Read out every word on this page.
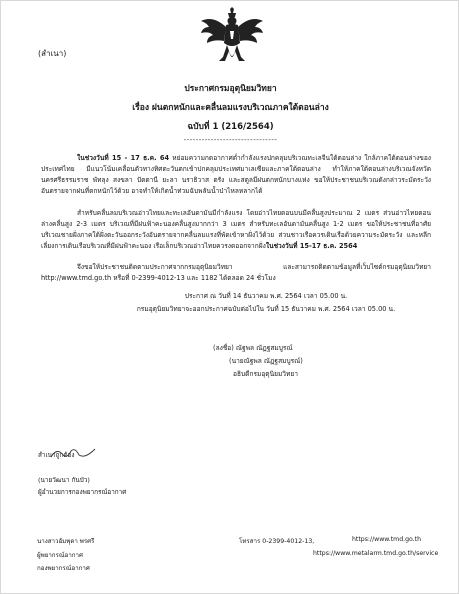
(สำเนา)
ประกาศกรมอุตุนิยมวิทยา
เรื่อง ฝนตกหนักและคลื่นลมแรงบริเวณภาคใต้ตอนล่าง
ฉบับที่ 1 (216/2564)
-------------------------------
ในช่วงวันที่ 15 - 17 ธ.ค. 64 หย่อมความกดอากาศต่ำกำลังแรงปกคลุมบริเวณทะเลจีนใต้ตอนล่าง ใกล้ภาคใต้ตอนล่างของประเทศไทย มีแนวโน้มเคลื่อนตัวทางทิศตะวันตกเข้าปกคลุมประเทศมาเลเซียและภาคใต้ตอนล่าง ทำให้ภาคใต้ตอนล่างบริเวณจังหวัดนครศรีธรรมราช พัทลุง สงขลา ปัตตานี ยะลา นราธิวาส ตรัง และสตูลมีฝนตกหนักบางแห่ง ขอให้ประชาชนบริเวณดังกล่าวระมัดระวังอันตรายจากฝนที่ตกหนักไว้ด้วย อาจทำให้เกิดน้ำท่วมฉับพลันน้ำป่าไหลหลากได้
สำหรับคลื่นลมบริเวณอ่าวไทยและทะเลอันดามันมีกำลังแรง โดยอ่าวไทยตอนบนมีคลื่นสูงประมาณ 2 เมตร ส่วนอ่าวไทยตอนล่างคลื่นสูง 2-3 เมตร บริเวณที่มีฝนฟ้าคะนองคลื่นสูงมากกว่า 3 เมตร สำหรับทะเลอันดามันคลื่นสูง 1-2 เมตร ขอให้ประชาชนที่อาศัยบริเวณชายฝั่งภาคใต้ฝั่งตะวันออกระวังอันตรายจากคลื่นลมแรงที่พัดเข้าหาฝั่งไว้ด้วย ส่วนชาวเรือควรเดินเรือด้วยความระมัดระวัง และหลีกเลี่ยงการเดินเรือบริเวณที่มีฝนฟ้าคะนอง เรือเล็กบริเวณอ่าวไทยควรงดออกจากฝั่งในช่วงวันที่ 15-17 ธ.ค. 2564
จึงขอให้ประชาชนติดตามประกาศจากกรมอุตุนิยมวิทยา และสามารถติดตามข้อมูลที่เว็บไซต์กรมอุตุนิยมวิทยา http://www.tmd.go.th หรือที่ 0-2399-4012-13 และ 1182 ได้ตลอด 24 ชั่วโมง
ประกาศ ณ วันที่ 14 ธันวาคม พ.ศ. 2564 เวลา 05.00 น.
กรมอุตุนิยมวิทยาจะออกประกาศฉบับต่อไปใน วันที่ 15 ธันวาคม พ.ศ. 2564 เวลา 05.00 น.
(ลงชื่อ) ณัฐพล ณัฏฐสมบูรณ์
(นายณัฐพล ณัฏฐสมบูรณ์)
อธิบดีกรมอุตุนิยมวิทยา
สำเนาถูกต้อง
(นายวัฒนา กันบัว)
ผู้อำนวยการกองพยากรณ์อากาศ
นางสาวอัมพุดา พรศรี
ผู้พยากรณ์อากาศ
กองพยากรณ์อากาศ
โทรสาร 0-2399-4012-13,	https://www.tmd.go.th
https://www.metalarm.tmd.go.th/service
